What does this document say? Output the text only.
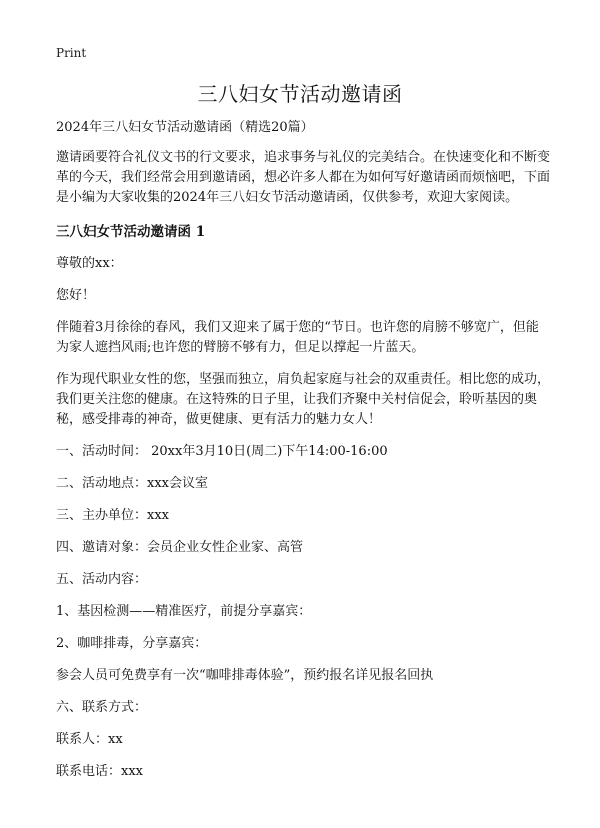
Print
三八妇女节活动邀请函

2024年三八妇女节活动邀请函（精选20篇）

邀请函要符合礼仪文书的行文要求，追求事务与礼仪的完美结合。在快速变化和不断变革的今天，我们经常会用到邀请函，想必许多人都在为如何写好邀请函而烦恼吧，下面是小编为大家收集的2024年三八妇女节活动邀请函，仅供参考，欢迎大家阅读。

三八妇女节活动邀请函 1

尊敬的xx：

您好！

伴随着3月徐徐的春风，我们又迎来了属于您的“节日。也许您的肩膀不够宽广，但能为家人遮挡风雨;也许您的臂膀不够有力，但足以撑起一片蓝天。

作为现代职业女性的您，坚强而独立，肩负起家庭与社会的双重责任。相比您的成功，我们更关注您的健康。在这特殊的日子里，让我们齐聚中关村信促会，聆听基因的奥秘，感受排毒的神奇，做更健康、更有活力的魅力女人！

一、活动时间： 20xx年3月10日(周二)下午14:00-16:00

二、活动地点：xxx会议室

三、主办单位：xxx

四、邀请对象：会员企业女性企业家、高管

五、活动内容：

1、基因检测——精准医疗，前提分享嘉宾：

2、咖啡排毒，分享嘉宾：

参会人员可免费享有一次“咖啡排毒体验”，预约报名详见报名回执

六、联系方式：

联系人：xx

联系电话：xxx
